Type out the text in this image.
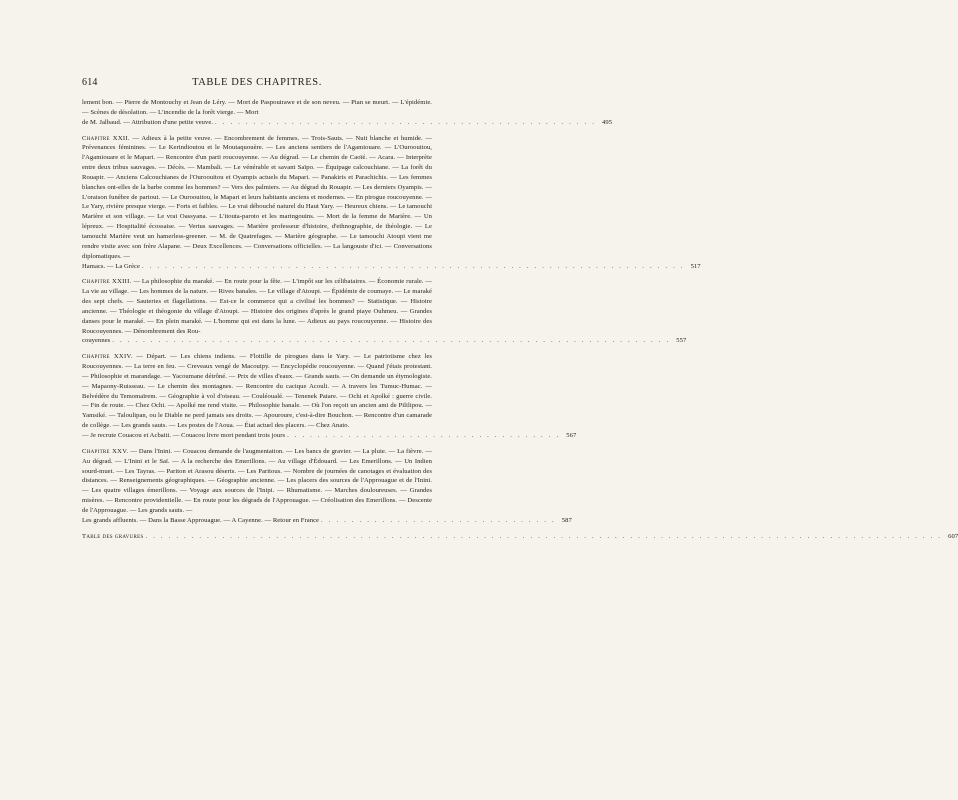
614	TABLE DES CHAPITRES.
lement bon. — Pierre de Montouchy et Jean de Léry. — Mort de Paspouirawe et de son neveu. — Pian se meurt. — L'épidémie. — Scènes de désolation. — L'incendie de la forêt vierge. — Mort
de M. Jalbaud. — Attribution d'une petite veuve. . . . . . . . . . . . . . . . . . . . . . . . . . . . . . . . . . . . . . . . . . . . . . . . . . . 495
Chapitre XXII. — Adieux à la petite veuve. — Encombrement de femmes. — Trois-Sauts. — Nuit blanche et humide. — Prévenances féminines. — Le Kerindioutou et le Moutaquouère. — Les anciens sentiers de l'Agamiouare. — L'Ouroouitou, l'Agamiouare et le Mapari. — Rencontre d'un parti roucouyenne. — Au dégrad. — Le chemin de Caoïé. — Acara. — Interprète entre deux tribus sauvages. — Décès. — Mambali. — Le vénérable et savant Saïpo. — Équipage calcouchiane. — La forêt du Rouapir. — Anciens Calcouchianes de l'Ouroouitou et Oyampis actuels du Mapari. — Panakiris et Parachichis. — Les femmes blanches ont-elles de la barbe comme les hommes? — Vers des palmiers. — Au dégrad du Rouapir. — Les derniers Oyampis. — L'oraison funèbre de partout. — Le Ouroouitou, le Mapari et leurs habitants anciens et modernes. — En pirogue roucouyenne. — Le Yary, rivière presque vierge. — Forts et faibles. — Le vrai débouché naturel du Haut Yary. — Heureux chiens. — Le tamouchi Marière et son village. — Le vrai Oassyana. — L'itouta-paroto et les maringouins. — Mort de la femme de Marière. — Un lépreux. — Hospitalité écossaise. — Vertus sauvages. — Marière professeur d'histoire, d'ethnographie, de théologie. — Le tamouchi Marière veut un hamerless-greener. — M. de Quatrefages. — Marière géographe. — Le tamouchi Atoupi vient me rendre visite avec son frère Alapane. — Deux Excellences. — Conversations officielles. — La langouste d'ici. — Conversations diplomatiques. —
Hamacs. — La Grèce . . . . . . . . . . . . . . . . . . . . . . . . . . . . . . . . . . . . . . . . . . . . . . . . . . . . . . . . . . . . . . . . . . . . . . . 517
Chapitre XXIII. — La philosophie du maraké. — En route pour la fête. — L'impôt sur les célibataires. — Économie rurale. — La vie au village. — Les hommes de la nature. — Rives banales. — Le village d'Atoupi. — Épidémie de coumaye. — Le maraké des sept chefs. — Sauteries et flagellations. — Est-ce le commerce qui a civilisé les hommes? — Statistique. — Histoire ancienne. — Théologie et théogonie du village d'Atoupi. — Histoire des origines d'après le grand piaye Ouhmeu. — Grandes danses pour le maraké. — En plein maraké. — L'homme qui est dans la lune. — Adieux au pays roucouyenne. — Histoire des Roucouyennes. — Dénombrement des Rou-
couyennes . . . . . . . . . . . . . . . . . . . . . . . . . . . . . . . . . . . . . . . . . . . . . . . . . . . . . . . . . . . . . . . . . . . . . . . . . 557
Chapitre XXIV. — Départ. — Les chiens indiens. — Flottille de pirogues dans le Yary. — Le patriotisme chez les Roucouyennes. — La terre en feu. — Creveaux vengé de Macouipy. — Encyclopédie roucouyenne. — Quand j'étais protestant. — Philosophie et marandage. — Yacoumane détrôné. — Prix de villes d'eaux. — Grands sauts. — On demande un étymologiste. — Mapaony-Ruisseau. — Le chemin des montagnes. — Rencontre du cacique Acouli. — A travers les Tumuc-Humac. — Belvédère du Temomaïrem. — Géographie à vol d'oiseau. — Couléoualé. — Tenenek Patare. — Ochi et Apolké : guerre civile. — Fin de route. — Chez Ochi. — Apolké me rend visite. — Philosophie banale. — Où l'on reçoit un ancien ami de Pililipou. — Yamsiké. — Taloulipan, ou le Diable ne perd jamais ses droits. — Apouroure, c'est-à-dire Bouchon. — Rencontre d'un camarade de collège. — Les grands sauts. — Les postes de l'Aoua. — État actuel des placers. — Chez Anato.
— Je recrute Couacou et Acbaiti. — Couacou livre mort pendant trois jours . . . . . . . . . . . . . . . . . . . . . . . . . . . . . . . . . . . . 567
Chapitre XXV. — Dans l'Inini. — Couacou demande de l'augmentation. — Les bancs de gravier. — La pluie. — La fièvre. — Au dégrad. — L'Inini et le Saï. — A la recherche des Emerillons. — Au village d'Édouard. — Les Emerillons. — Un Indien sourd-muet. — Les Tayras. — Pariton et Arasou déserts. — Les Paritous. — Nombre de journées de canotages et évaluation des distances. — Renseignements géographiques. — Géographie ancienne. — Les placers des sources de l'Approuague et de l'Inini. — Les quatre villages émerillons. — Voyage aux sources de l'Inipi. — Rhumatisme. — Marches douloureuses. — Grandes misères. — Rencontre providentielle. — En route pour les dégrads de l'Approuague. — Créolisation des Emerillons. — Descente de l'Approuague. — Les grands sauts. —
Les grands affluents. — Dans la Basse Approuague. — A Cayenne. — Retour en France . . . . . . . . . . . . . . . . . . . . . . . . . . . . . . . 587
Table des gravures . . . . . . . . . . . . . . . . . . . . . . . . . . . . . . . . . . . . . . . . . . . . . . . . . . . . . . . . . . . . . . . . . . . . . . . . . . . . . . . . . . . . . . . . . . . . . . . . . . . . . . . . 607
